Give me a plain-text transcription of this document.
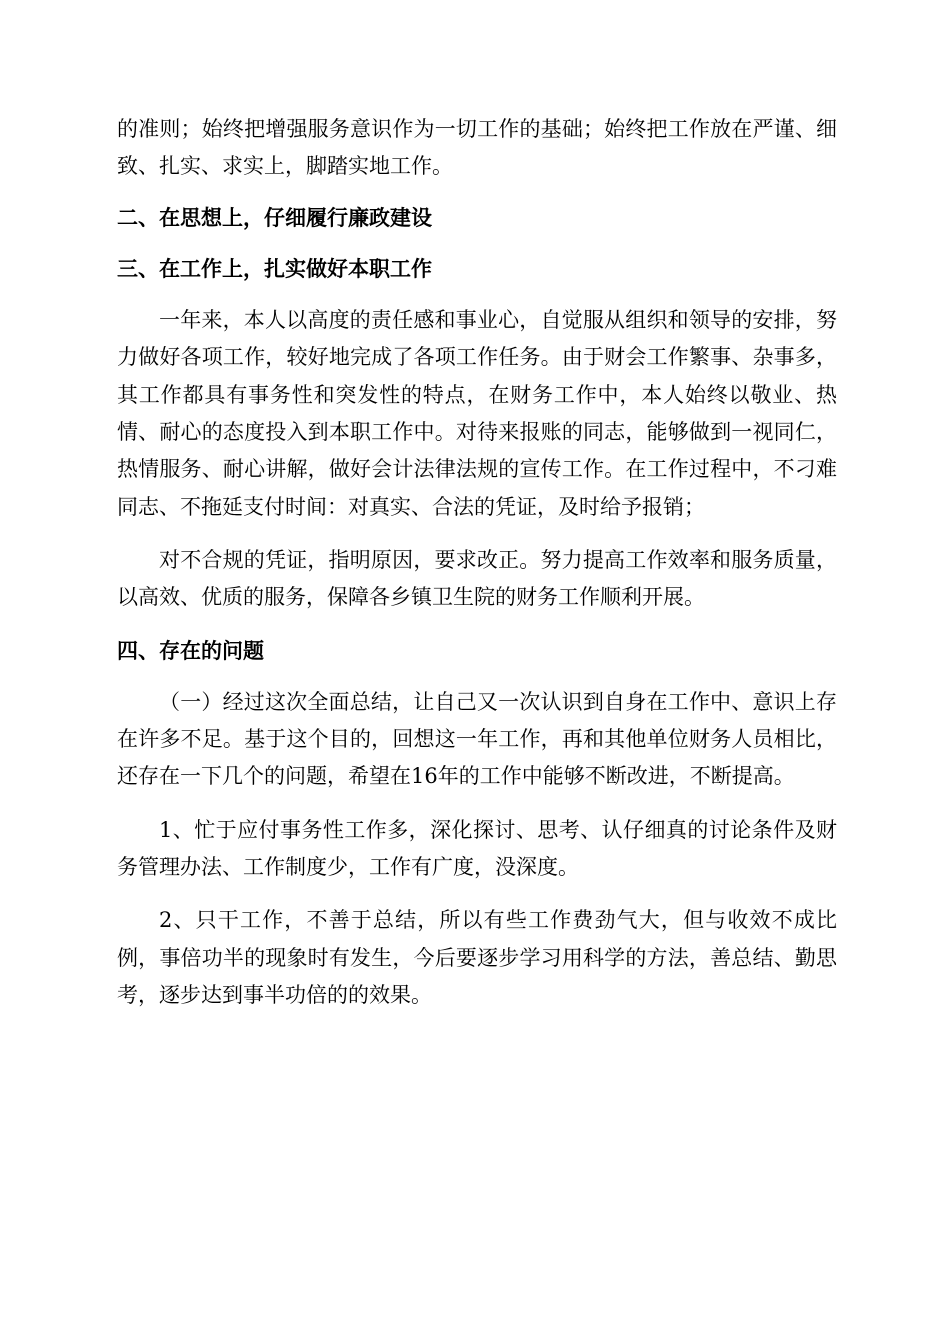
的准则；始终把增强服务意识作为一切工作的基础；始终把工作放在严谨、细致、扎实、求实上，脚踏实地工作。

二、在思想上，仔细履行廉政建设

三、在工作上，扎实做好本职工作

一年来，本人以高度的责任感和事业心，自觉服从组织和领导的安排，努力做好各项工作，较好地完成了各项工作任务。由于财会工作繁事、杂事多，其工作都具有事务性和突发性的特点，在财务工作中，本人始终以敬业、热情、耐心的态度投入到本职工作中。对待来报账的同志，能够做到一视同仁，热情服务、耐心讲解，做好会计法律法规的宣传工作。在工作过程中，不刁难同志、不拖延支付时间：对真实、合法的凭证，及时给予报销；

对不合规的凭证，指明原因，要求改正。努力提高工作效率和服务质量，以高效、优质的服务，保障各乡镇卫生院的财务工作顺利开展。

四、存在的问题

（一）经过这次全面总结，让自己又一次认识到自身在工作中、意识上存在许多不足。基于这个目的，回想这一年工作，再和其他单位财务人员相比，还存在一下几个的问题，希望在16年的工作中能够不断改进，不断提高。

1、忙于应付事务性工作多，深化探讨、思考、认仔细真的讨论条件及财务管理办法、工作制度少，工作有广度，没深度。

2、只干工作，不善于总结，所以有些工作费劲气大，但与收效不成比例，事倍功半的现象时有发生，今后要逐步学习用科学的方法，善总结、勤思考，逐步达到事半功倍的的效果。
